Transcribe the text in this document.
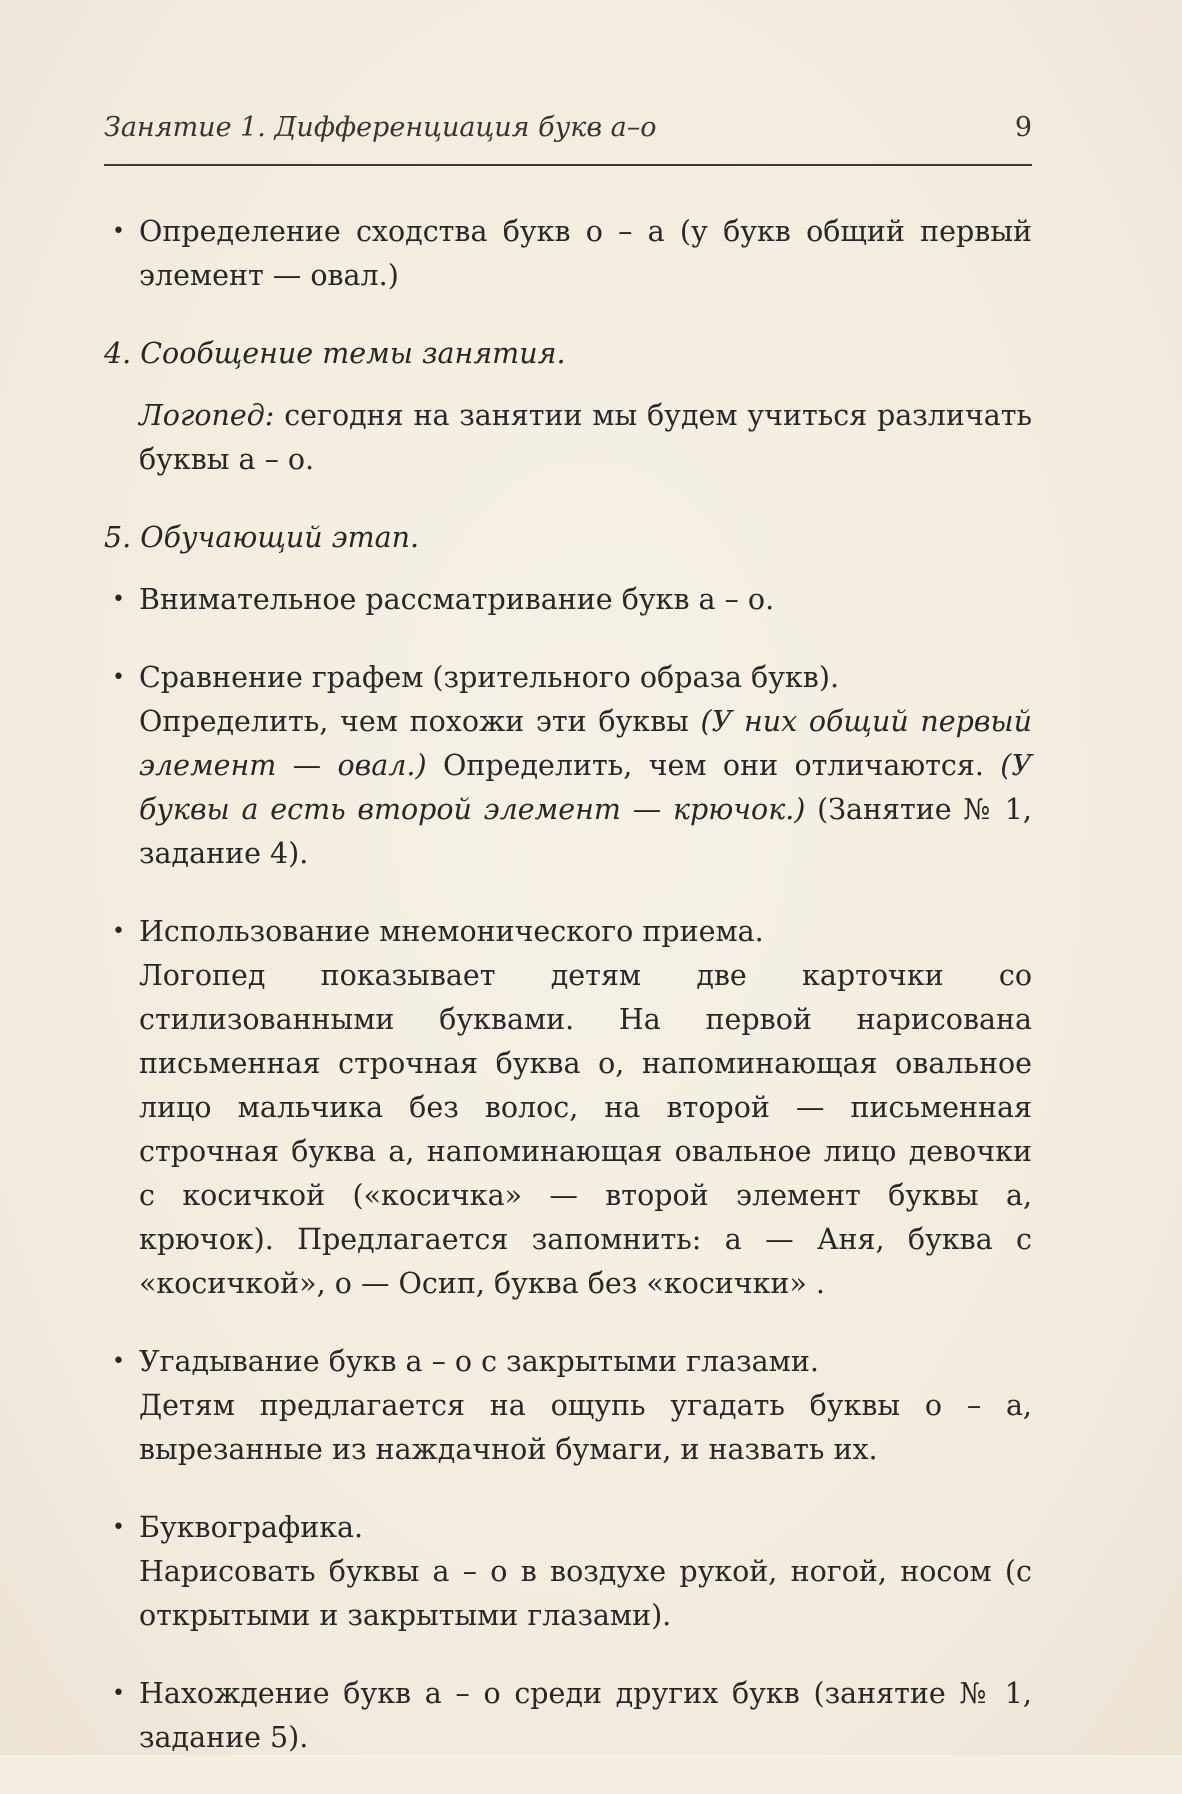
Занятие 1. Дифференциация букв а–о	9
• Определение сходства букв о – а (у букв общий первый элемент — овал.)

4. Сообщение темы занятия.

Логопед: сегодня на занятии мы будем учиться различать буквы а – о.

5. Обучающий этап.

• Внимательное рассматривание букв а – о.

• Сравнение графем (зрительного образа букв).

Определить, чем похожи эти буквы (У них общий первый элемент — овал.) Определить, чем они отличаются. (У буквы а есть второй элемент — крючок.) (Занятие № 1, задание 4).

• Использование мнемонического приема.

Логопед показывает детям две карточки со стилизованными буквами. На первой нарисована письменная строчная буква о, напоминающая овальное лицо мальчика без волос, на второй — письменная строчная буква а, напоминающая овальное лицо девочки с косичкой («косичка» — второй элемент буквы а, крючок). Предлагается запомнить: а — Аня, буква с «косичкой», о — Осип, буква без «косички» .

• Угадывание букв а – о с закрытыми глазами.

Детям предлагается на ощупь угадать буквы о – а, вырезанные из наждачной бумаги, и назвать их.

• Буквографика.

Нарисовать буквы а – о в воздухе рукой, ногой, носом (с открытыми и закрытыми глазами).

• Нахождение букв а – о среди других букв (занятие № 1, задание 5).
